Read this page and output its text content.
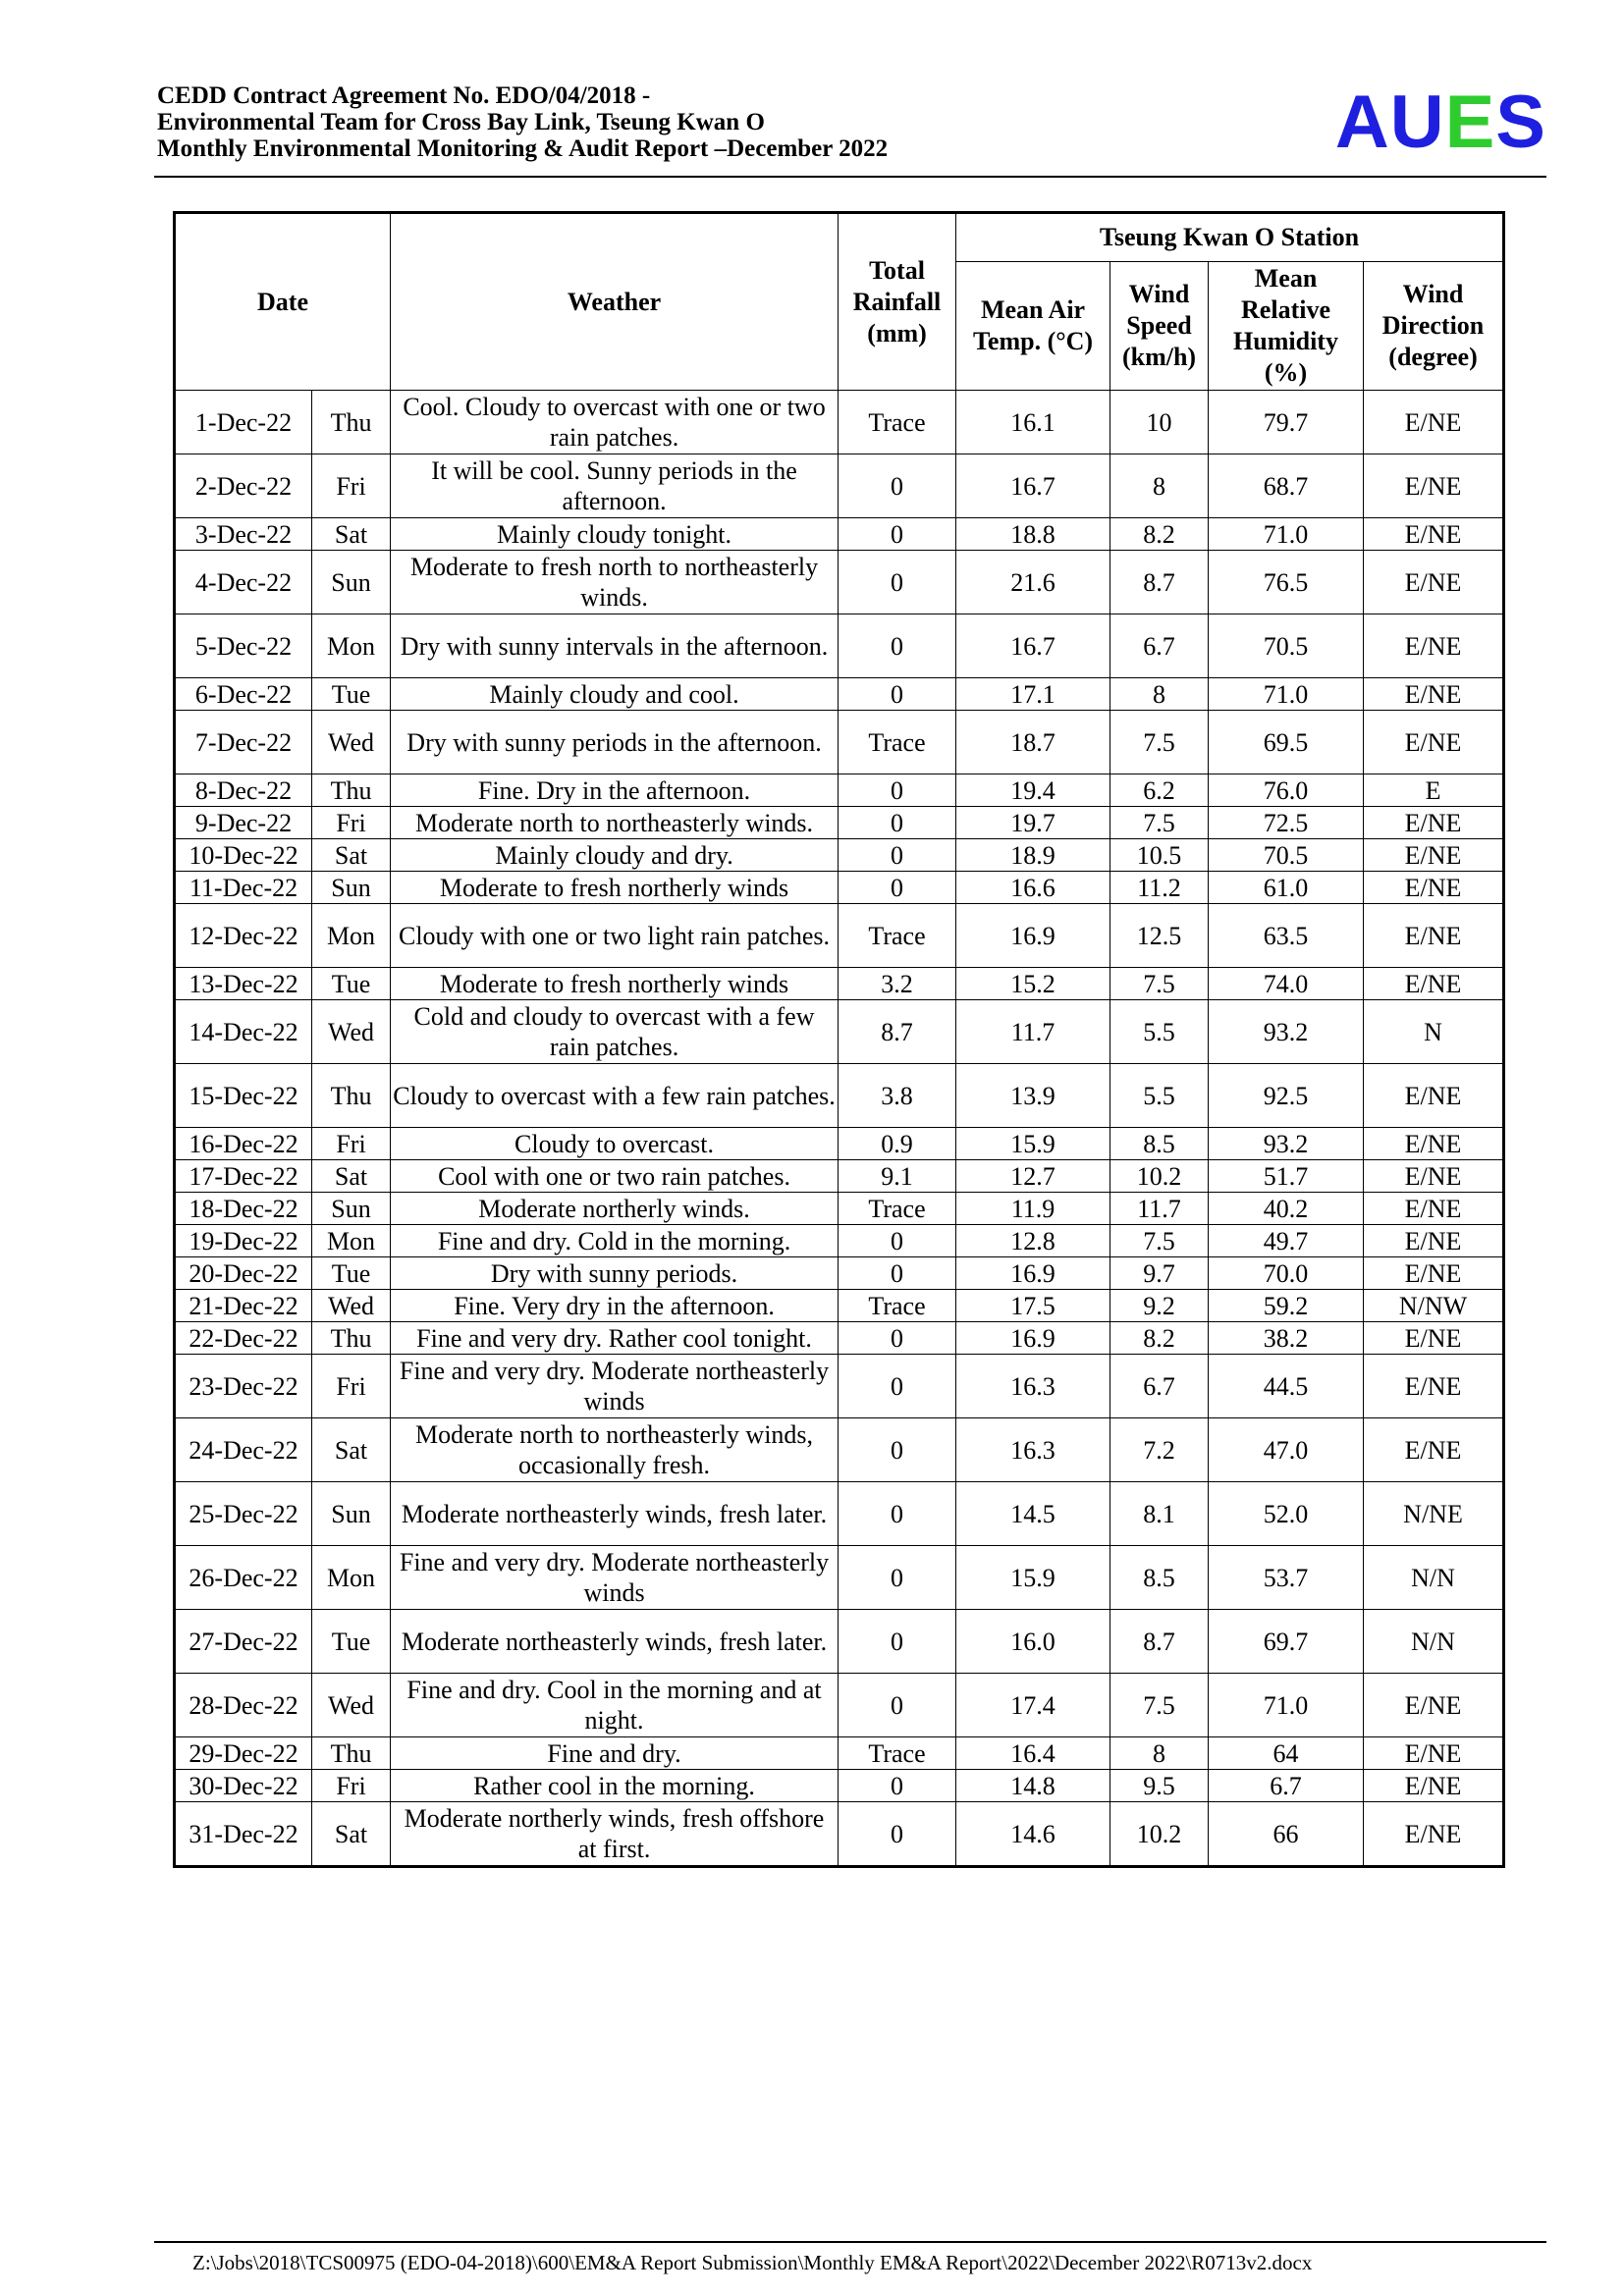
CEDD Contract Agreement No. EDO/04/2018 -
Environmental Team for Cross Bay Link, Tseung Kwan O
Monthly Environmental Monitoring & Audit Report –December 2022	AUES
Date		Weather	Total Rainfall (mm)	Tseung Kwan O Station			
				Mean Air Temp. (°C)	Wind Speed (km/h)	Mean Relative Humidity (%)	Wind Direction (degree)
1-Dec-22	Thu	Cool. Cloudy to overcast with one or two rain patches.	Trace	16.1	10	79.7	E/NE
2-Dec-22	Fri	It will be cool. Sunny periods in the afternoon.	0	16.7	8	68.7	E/NE
3-Dec-22	Sat	Mainly cloudy tonight.	0	18.8	8.2	71.0	E/NE
4-Dec-22	Sun	Moderate to fresh north to northeasterly winds.	0	21.6	8.7	76.5	E/NE
5-Dec-22	Mon	Dry with sunny intervals in the afternoon.	0	16.7	6.7	70.5	E/NE
6-Dec-22	Tue	Mainly cloudy and cool.	0	17.1	8	71.0	E/NE
7-Dec-22	Wed	Dry with sunny periods in the afternoon.	Trace	18.7	7.5	69.5	E/NE
8-Dec-22	Thu	Fine. Dry in the afternoon.	0	19.4	6.2	76.0	E
9-Dec-22	Fri	Moderate north to northeasterly winds.	0	19.7	7.5	72.5	E/NE
10-Dec-22	Sat	Mainly cloudy and dry.	0	18.9	10.5	70.5	E/NE
11-Dec-22	Sun	Moderate to fresh northerly winds	0	16.6	11.2	61.0	E/NE
12-Dec-22	Mon	Cloudy with one or two light rain patches.	Trace	16.9	12.5	63.5	E/NE
13-Dec-22	Tue	Moderate to fresh northerly winds	3.2	15.2	7.5	74.0	E/NE
14-Dec-22	Wed	Cold and cloudy to overcast with a few rain patches.	8.7	11.7	5.5	93.2	N
15-Dec-22	Thu	Cloudy to overcast with a few rain patches.	3.8	13.9	5.5	92.5	E/NE
16-Dec-22	Fri	Cloudy to overcast.	0.9	15.9	8.5	93.2	E/NE
17-Dec-22	Sat	Cool with one or two rain patches.	9.1	12.7	10.2	51.7	E/NE
18-Dec-22	Sun	Moderate northerly winds.	Trace	11.9	11.7	40.2	E/NE
19-Dec-22	Mon	Fine and dry. Cold in the morning.	0	12.8	7.5	49.7	E/NE
20-Dec-22	Tue	Dry with sunny periods.	0	16.9	9.7	70.0	E/NE
21-Dec-22	Wed	Fine. Very dry in the afternoon.	Trace	17.5	9.2	59.2	N/NW
22-Dec-22	Thu	Fine and very dry. Rather cool tonight.	0	16.9	8.2	38.2	E/NE
23-Dec-22	Fri	Fine and very dry. Moderate northeasterly winds	0	16.3	6.7	44.5	E/NE
24-Dec-22	Sat	Moderate north to northeasterly winds, occasionally fresh.	0	16.3	7.2	47.0	E/NE
25-Dec-22	Sun	Moderate northeasterly winds, fresh later.	0	14.5	8.1	52.0	N/NE
26-Dec-22	Mon	Fine and very dry. Moderate northeasterly winds	0	15.9	8.5	53.7	N/N
27-Dec-22	Tue	Moderate northeasterly winds, fresh later.	0	16.0	8.7	69.7	N/N
28-Dec-22	Wed	Fine and dry. Cool in the morning and at night.	0	17.4	7.5	71.0	E/NE
29-Dec-22	Thu	Fine and dry.	Trace	16.4	8	64	E/NE
30-Dec-22	Fri	Rather cool in the morning.	0	14.8	9.5	6.7	E/NE
31-Dec-22	Sat	Moderate northerly winds, fresh offshore at first.	0	14.6	10.2	66	E/NE
Z:\Jobs\2018\TCS00975 (EDO-04-2018)\600\EM&A Report Submission\Monthly EM&A Report\2022\December 2022\R0713v2.docx
